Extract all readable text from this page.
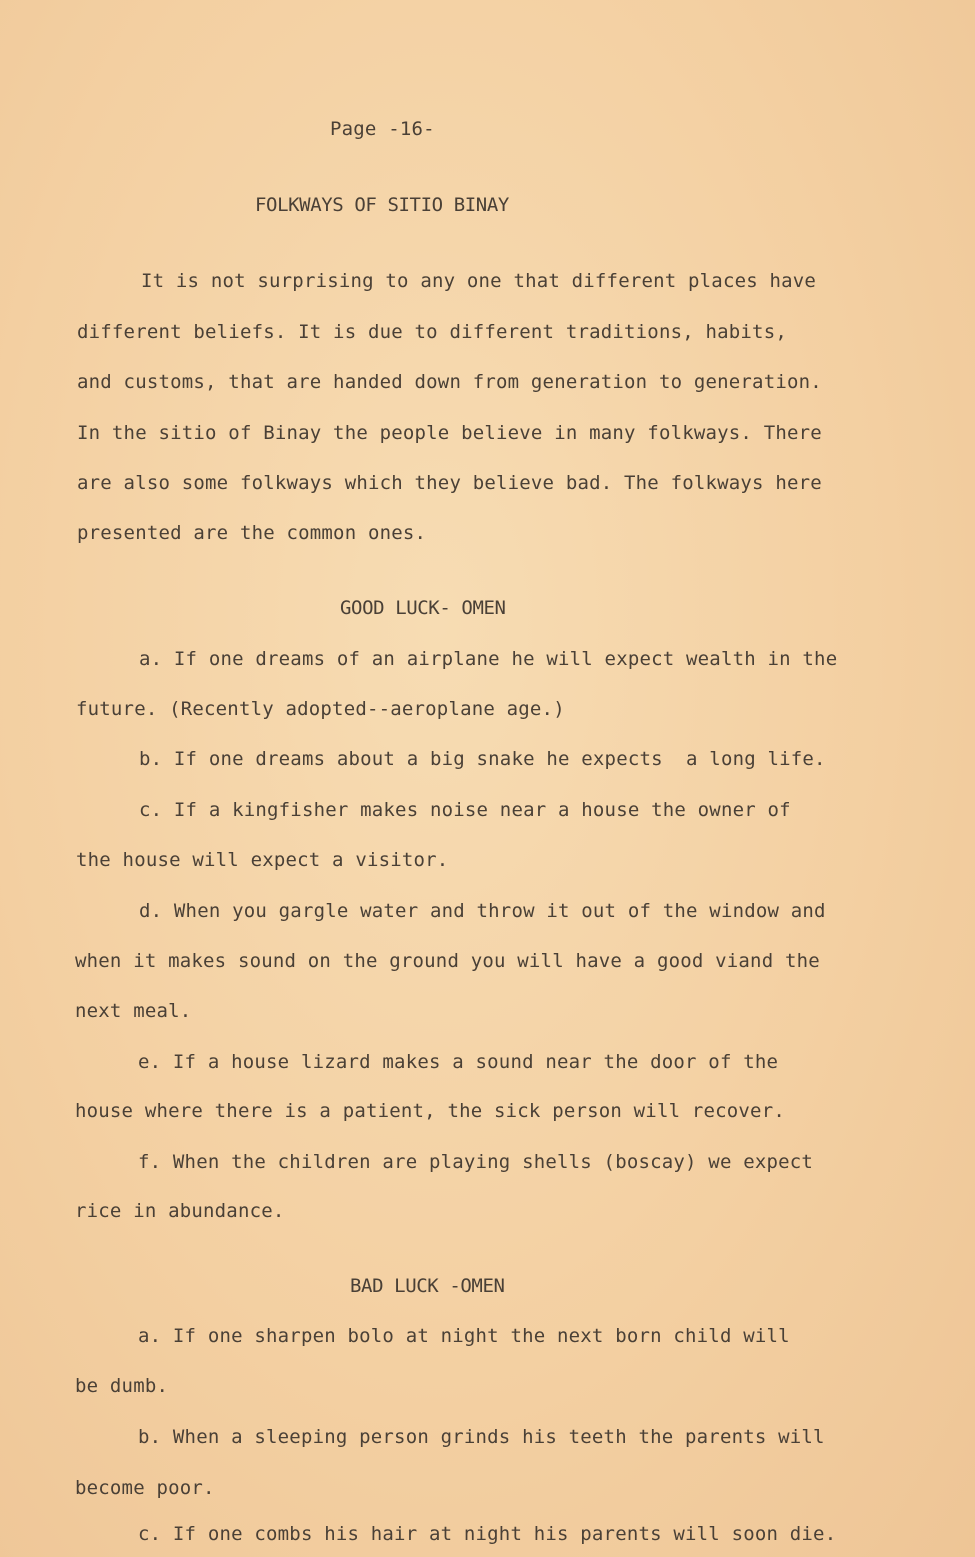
Page -16-
FOLKWAYS OF SITIO BINAY
It is not surprising to any one that different places have
different beliefs. It is due to different traditions, habits,
and customs, that are handed down from generation to generation.
In the sitio of Binay the people believe in many folkways. There
are also some folkways which they believe bad. The folkways here
presented are the common ones.
GOOD LUCK- OMEN
a. If one dreams of an airplane he will expect wealth in the
future. (Recently adopted--aeroplane age.)
b. If one dreams about a big snake he expects  a long life.
c. If a kingfisher makes noise near a house the owner of
the house will expect a visitor.
d. When you gargle water and throw it out of the window and
when it makes sound on the ground you will have a good viand the
next meal.
e. If a house lizard makes a sound near the door of the
house where there is a patient, the sick person will recover.
f. When the children are playing shells (boscay) we expect
rice in abundance.
BAD LUCK -OMEN
a. If one sharpen bolo at night the next born child will
be dumb.
b. When a sleeping person grinds his teeth the parents will
become poor.
c. If one combs his hair at night his parents will soon die.
